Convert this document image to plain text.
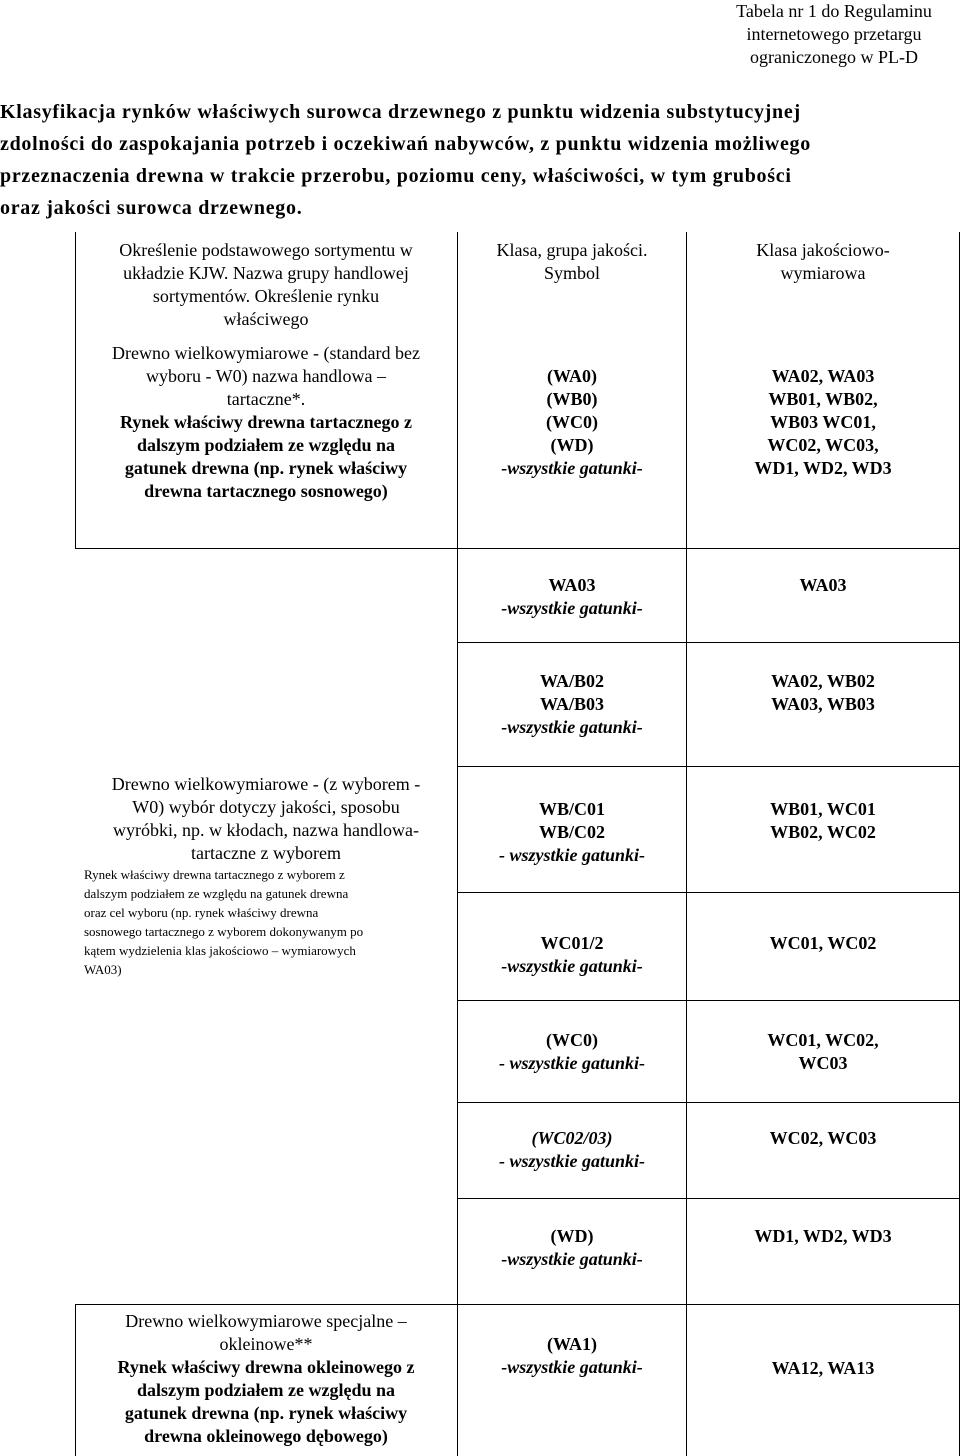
Tabela nr 1 do Regulaminu
internetowego przetargu
ograniczonego w PL-D
Klasyfikacja rynków właściwych surowca drzewnego z punktu widzenia substytucyjnej
zdolności do zaspokajania potrzeb i oczekiwań nabywców, z punktu widzenia możliwego
przeznaczenia drewna w trakcie przerobu, poziomu ceny, właściwości, w tym grubości
oraz jakości surowca drzewnego.
Określenie podstawowego sortymentu w
układzie KJW. Nazwa grupy handlowej
sortymentów. Określenie rynku
właściwego
Klasa, grupa jakości.
Symbol
Klasa jakościowo-
wymiarowa
Drewno wielkowymiarowe - (standard bez
wyboru - W0) nazwa handlowa –
tartaczne*.
Rynek właściwy drewna tartacznego z
dalszym podziałem ze względu na
gatunek drewna (np. rynek właściwy
drewna tartacznego sosnowego)
(WA0)
(WB0)
(WC0)
(WD)
-wszystkie gatunki-
WA02, WA03
WB01, WB02,
WB03 WC01,
WC02, WC03,
WD1, WD2, WD3
Drewno wielkowymiarowe - (z wyborem -
W0) wybór dotyczy jakości, sposobu
wyróbki, np. w kłodach, nazwa handlowa-
tartaczne z wyborem
Rynek właściwy drewna tartacznego z wyborem z
dalszym podziałem ze względu na gatunek drewna
oraz cel wyboru (np. rynek właściwy drewna
sosnowego tartacznego z wyborem dokonywanym po
kątem wydzielenia klas jakościowo – wymiarowych
WA03)
WA03
-wszystkie gatunki-
WA03
WA/B02
WA/B03
-wszystkie gatunki-
WA02, WB02
WA03, WB03
WB/C01
WB/C02
- wszystkie gatunki-
WB01, WC01
WB02, WC02
WC01/2
-wszystkie gatunki-
WC01, WC02
(WC0)
- wszystkie gatunki-
WC01, WC02,
WC03
(WC02/03)
- wszystkie gatunki-
WC02, WC03
(WD)
-wszystkie gatunki-
WD1, WD2, WD3
Drewno wielkowymiarowe specjalne –
okleinowe**
Rynek właściwy drewna okleinowego z
dalszym podziałem ze względu na
gatunek drewna (np. rynek właściwy
drewna okleinowego dębowego)
(WA1)
-wszystkie gatunki-	WA12, WA13
